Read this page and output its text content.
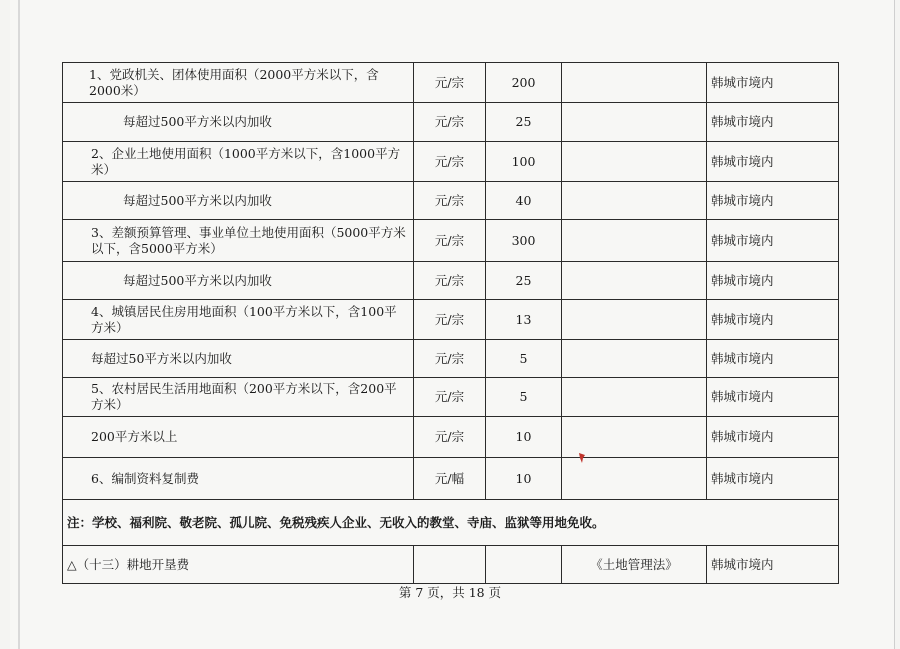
1、党政机关、团体使用面积（2000平方米以下，含2000米）	元/宗	200		韩城市境内
每超过500平方米以内加收	元/宗	25		韩城市境内
2、企业土地使用面积（1000平方米以下，含1000平方米）	元/宗	100		韩城市境内
每超过500平方米以内加收	元/宗	40		韩城市境内
3、差额预算管理、事业单位土地使用面积（5000平方米以下，含5000平方米）	元/宗	300		韩城市境内
每超过500平方米以内加收	元/宗	25		韩城市境内
4、城镇居民住房用地面积（100平方米以下，含100平方米）	元/宗	13		韩城市境内
每超过50平方米以内加收	元/宗	5		韩城市境内
5、农村居民生活用地面积（200平方米以下，含200平方米）	元/宗	5		韩城市境内
200平方米以上	元/宗	10		韩城市境内
6、编制资料复制费	元/幅	10		韩城市境内
注：学校、福利院、敬老院、孤儿院、免税残疾人企业、无收入的教堂、寺庙、监狱等用地免收。				
△（十三）耕地开垦费			《土地管理法》	韩城市境内
第 7 页，共 18 页
